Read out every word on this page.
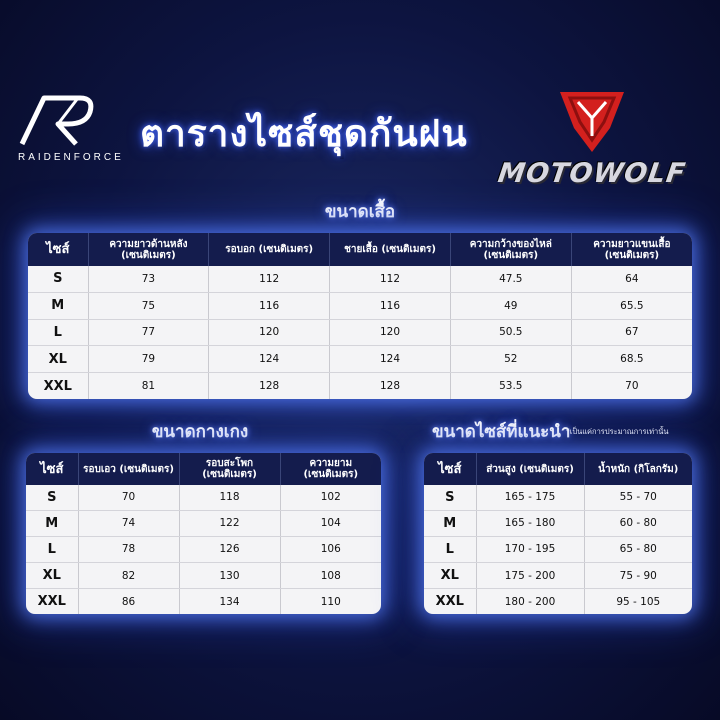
RAIDENFORCE
ตารางไซส์ชุดกันฝน
MOTOWOLF
ขนาดเสื้อ
ไซส์	ความยาวด้านหลัง (เซนติเมตร)	รอบอก (เซนติเมตร)	ชายเสื้อ (เซนติเมตร)	ความกว้างของไหล่ (เซนติเมตร)	ความยาวแขนเสื้อ (เซนติเมตร)
S	73	112	112	47.5	64
M	75	116	116	49	65.5
L	77	120	120	50.5	67
XL	79	124	124	52	68.5
XXL	81	128	128	53.5	70
ขนาดกางเกง
ไซส์	รอบเอว (เซนติเมตร)	รอบสะโพก (เซนติเมตร)	ความยาม (เซนติเมตร)
S	70	118	102
M	74	122	104
L	78	126	106
XL	82	130	108
XXL	86	134	110
ขนาดไซส์ที่แนะนำ
*เป็นแค่การประมาณการเท่านั้น
ไซส์	ส่วนสูง (เซนติเมตร)	น้ำหนัก (กิโลกรัม)
S	165 - 175	55 - 70
M	165 - 180	60 - 80
L	170 - 195	65 - 80
XL	175 - 200	75 - 90
XXL	180 - 200	95 - 105
